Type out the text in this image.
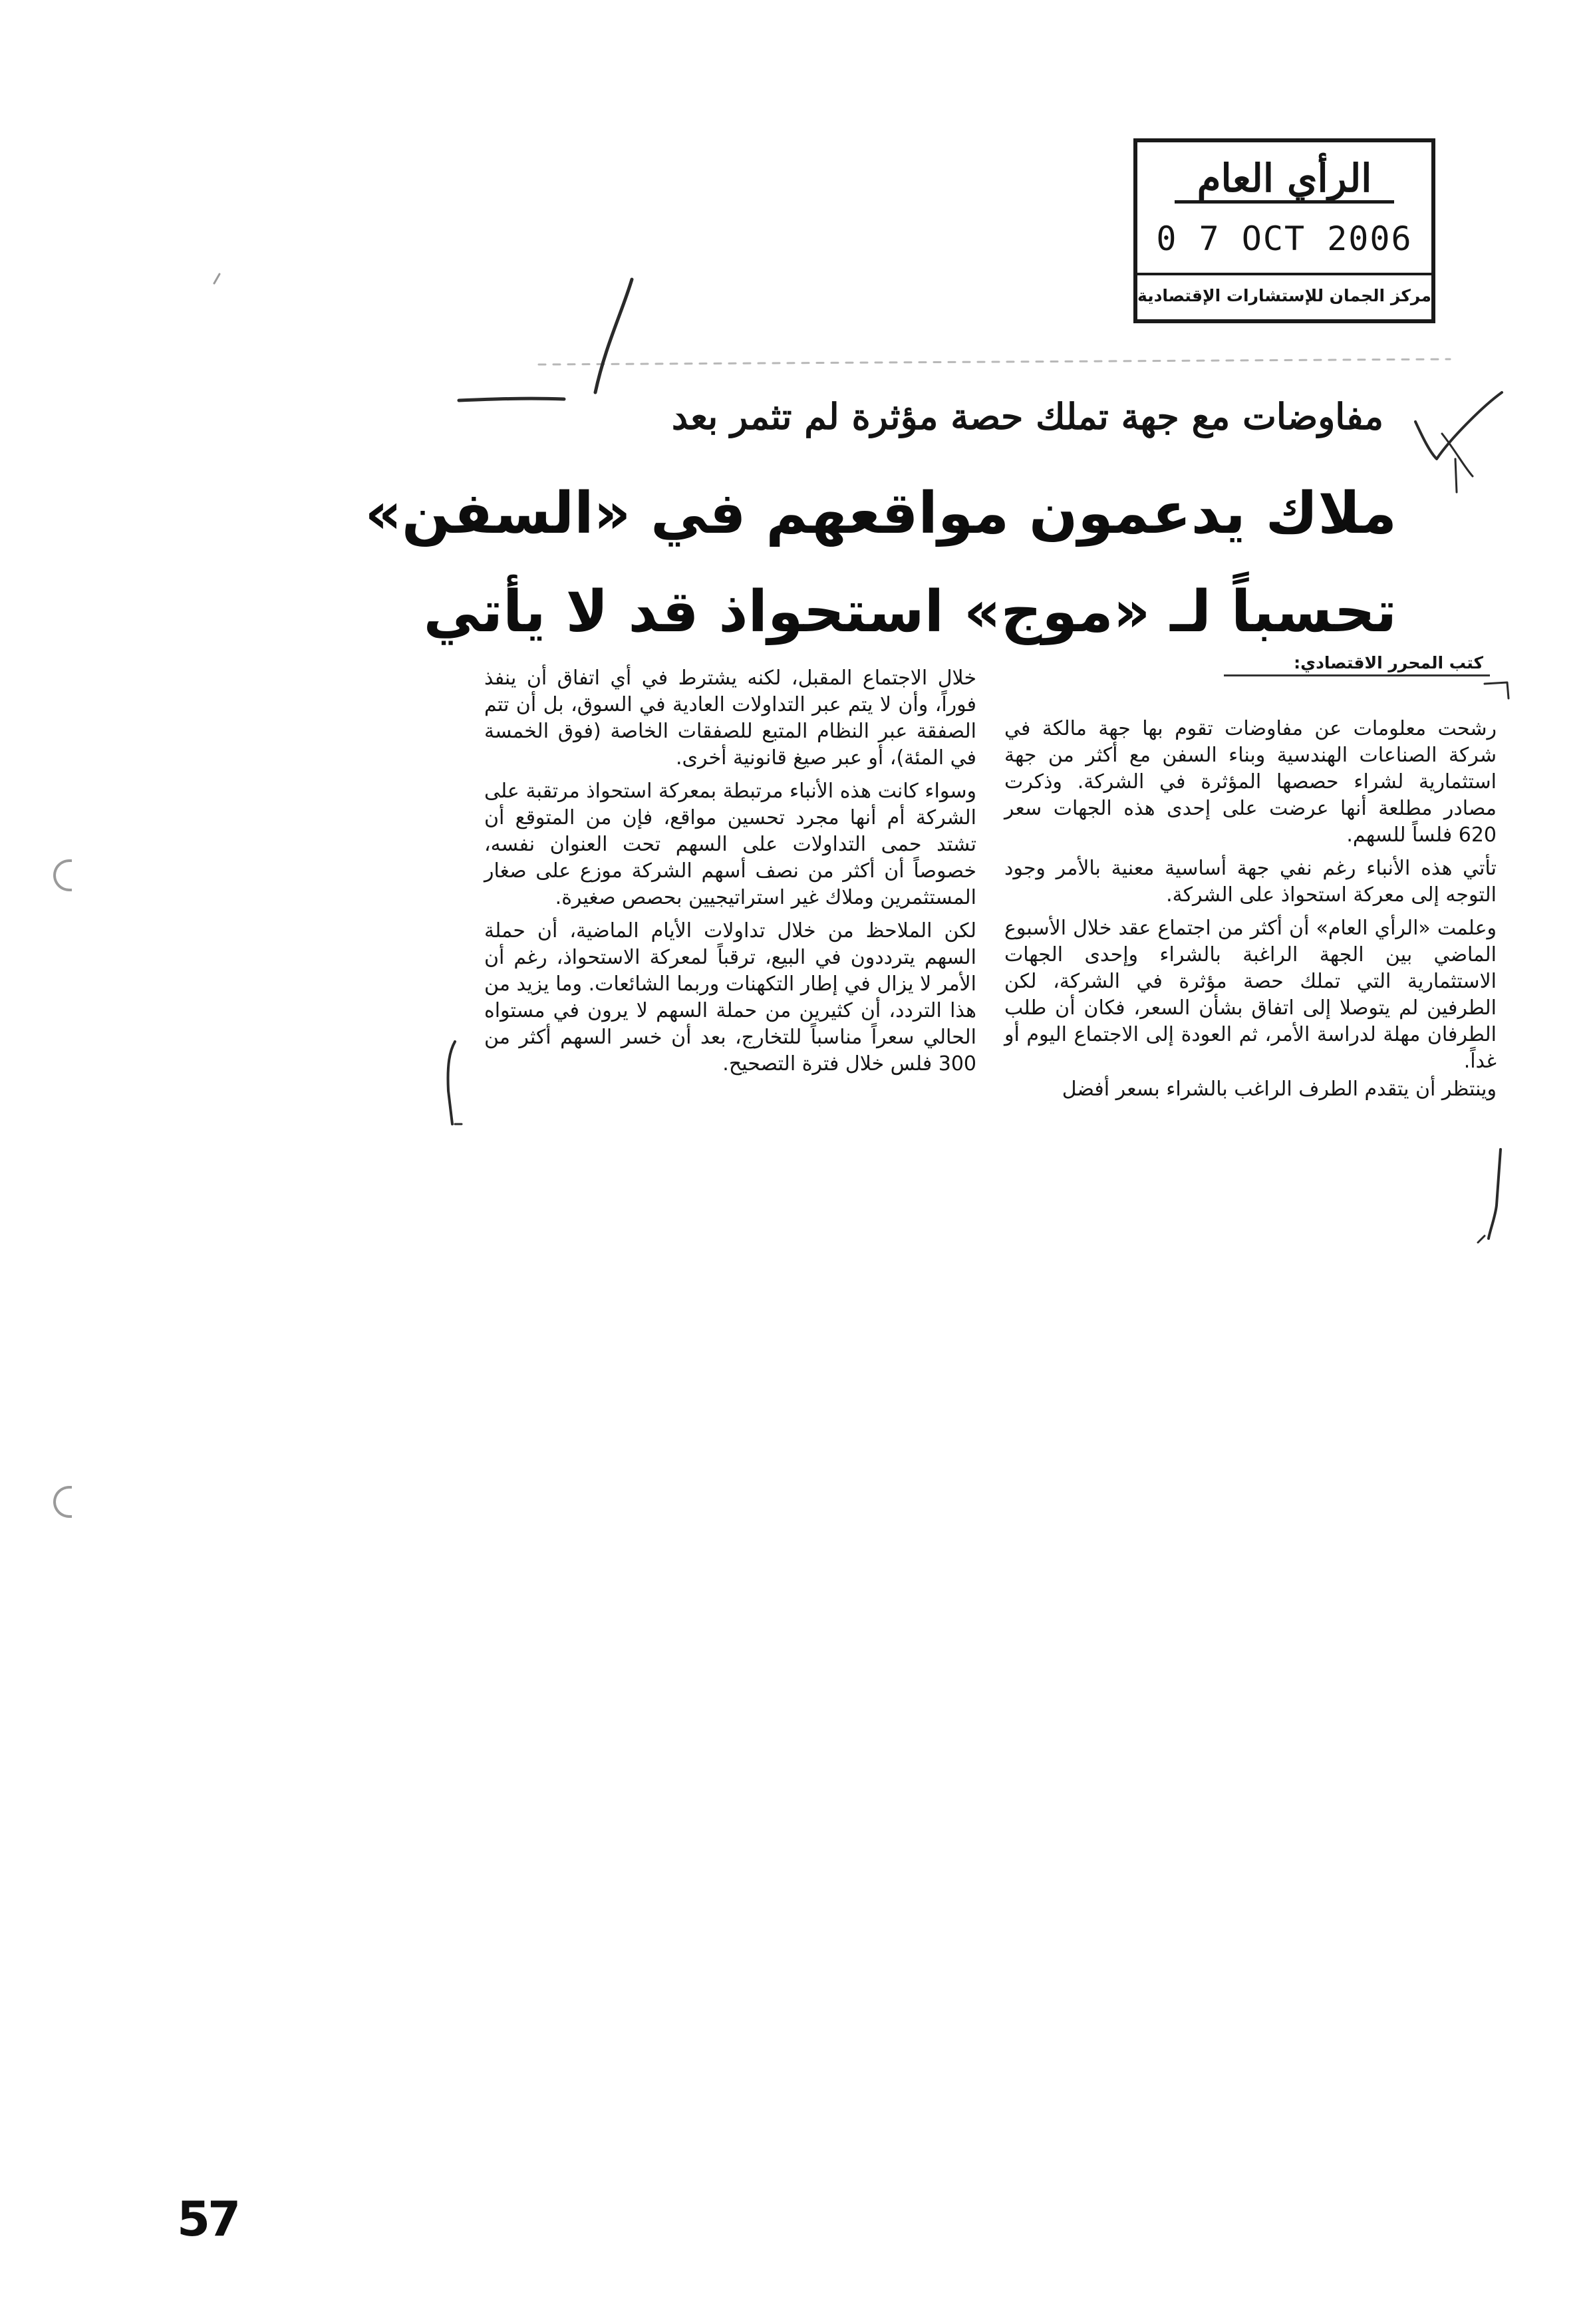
الرأي العام
0 7 OCT 2006
مركز الجمان للإستشارات الإقتصادية
مفاوضات مع جهة تملك حصة مؤثرة لم تثمر بعد
ملاك يدعمون مواقعهم في «السفن»
تحسباً لـ «موج» استحواذ قد لا يأتي
كتب المحرر الاقتصادي:

رشحت معلومات عن مفاوضات تقوم بها جهة مالكة في شركة الصناعات الهندسية وبناء السفن مع أكثر من جهة استثمارية لشراء حصصها المؤثرة في الشركة. وذكرت مصادر مطلعة أنها عرضت على إحدى هذه الجهات سعر 620 فلساً للسهم.

تأتي هذه الأنباء رغم نفي جهة أساسية معنية بالأمر وجود التوجه إلى معركة استحواذ على الشركة.

وعلمت «الرأي العام» أن أكثر من اجتماع عقد خلال الأسبوع الماضي بين الجهة الراغبة بالشراء وإحدى الجهات الاستثمارية التي تملك حصة مؤثرة في الشركة، لكن الطرفين لم يتوصلا إلى اتفاق بشأن السعر، فكان أن طلب الطرفان مهلة لدراسة الأمر، ثم العودة إلى الاجتماع اليوم أو غداً.

وينتظر أن يتقدم الطرف الراغب بالشراء بسعر أفضل

خلال الاجتماع المقبل، لكنه يشترط في أي اتفاق أن ينفذ فوراً، وأن لا يتم عبر التداولات العادية في السوق، بل أن تتم الصفقة عبر النظام المتبع للصفقات الخاصة (فوق الخمسة في المئة)، أو عبر صيغ قانونية أخرى.

وسواء كانت هذه الأنباء مرتبطة بمعركة استحواذ مرتقبة على الشركة أم أنها مجرد تحسين مواقع، فإن من المتوقع أن تشتد حمى التداولات على السهم تحت العنوان نفسه، خصوصاً أن أكثر من نصف أسهم الشركة موزع على صغار المستثمرين وملاك غير استراتيجيين بحصص صغيرة.

لكن الملاحظ من خلال تداولات الأيام الماضية، أن حملة السهم يترددون في البيع، ترقباً لمعركة الاستحواذ، رغم أن الأمر لا يزال في إطار التكهنات وربما الشائعات. وما يزيد من هذا التردد، أن كثيرين من حملة السهم لا يرون في مستواه الحالي سعراً مناسباً للتخارج، بعد أن خسر السهم أكثر من 300 فلس خلال فترة التصحيح.

57
